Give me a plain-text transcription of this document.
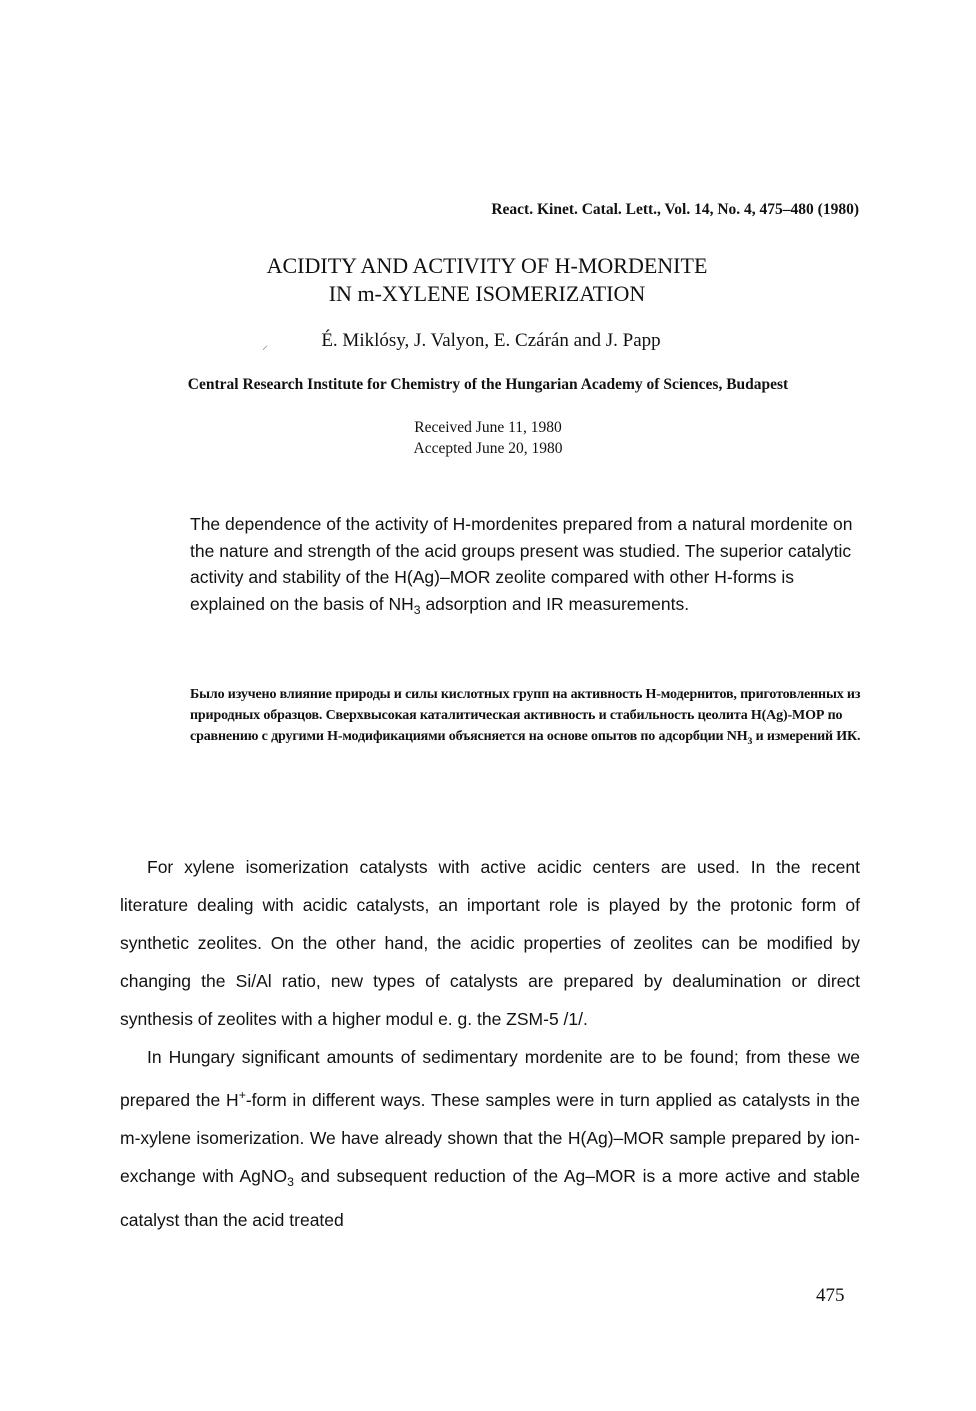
React. Kinet. Catal. Lett., Vol. 14, No. 4, 475–480 (1980)
ACIDITY AND ACTIVITY OF H-MORDENITE
IN m-XYLENE ISOMERIZATION
⸝	É. Miklósy, J. Valyon, E. Czárán and J. Papp
Central Research Institute for Chemistry of the Hungarian Academy of Sciences, Budapest
Received June 11, 1980
Accepted June 20, 1980
The dependence of the activity of H-mordenites prepared from a natural mordenite on the nature and strength of the acid groups present was studied. The superior catalytic activity and stability of the H(Ag)–MOR zeolite compared with other H-forms is explained on the basis of $NH_3$ adsorption and IR measurements.
Было изучено влияние природы и силы кислотных групп на активность Н-модернитов, приготовленных из природных образцов. Сверхвысокая каталитическая активность и стабильность цеолита Н(Аg)-МОР по сравнению с другими Н-модификациями объясняется на основе опытов по адсорбции $NH_3$ и измерений ИК.

For xylene isomerization catalysts with active acidic centers are used. In the recent literature dealing with acidic catalysts, an important role is played by the protonic form of synthetic zeolites. On the other hand, the acidic properties of zeolites can be modified by changing the Si/Al ratio, new types of catalysts are prepared by dealumination or direct synthesis of zeolites with a higher modul e. g. the ZSM-5 /1/.

In Hungary significant amounts of sedimentary mordenite are to be found; from these we prepared the H+-form in different ways. These samples were in turn applied as catalysts in the m-xylene isomerization. We have already shown that the H(Ag)–MOR sample prepared by ion-exchange with AgNO$_3$ and subsequent reduction of the Ag–MOR is a more active and stable catalyst than the acid treated

475
